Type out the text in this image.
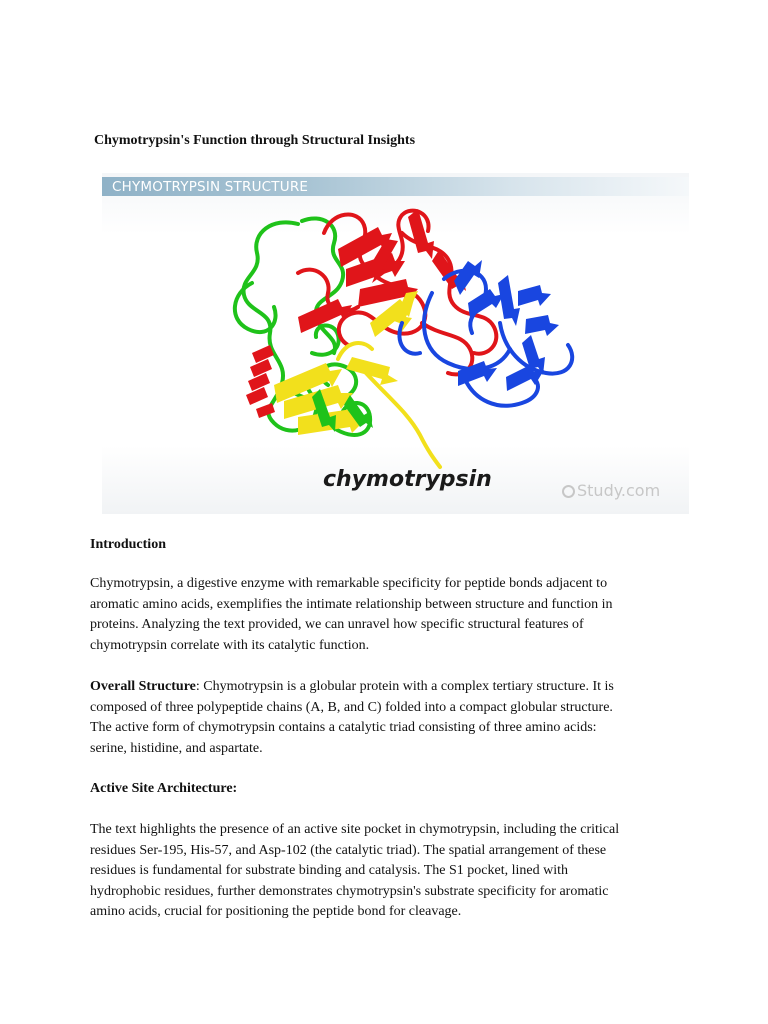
Chymotrypsin's Function through Structural Insights
CHYMOTRYPSIN STRUCTURE
chymotrypsin	Study.com
Introduction

Chymotrypsin, a digestive enzyme with remarkable specificity for peptide bonds adjacent to
aromatic amino acids, exemplifies the intimate relationship between structure and function in
proteins. Analyzing the text provided, we can unravel how specific structural features of
chymotrypsin correlate with its catalytic function.

Overall Structure: Chymotrypsin is a globular protein with a complex tertiary structure. It is
composed of three polypeptide chains (A, B, and C) folded into a compact globular structure.
The active form of chymotrypsin contains a catalytic triad consisting of three amino acids:
serine, histidine, and aspartate.

Active Site Architecture:

The text highlights the presence of an active site pocket in chymotrypsin, including the critical
residues Ser-195, His-57, and Asp-102 (the catalytic triad). The spatial arrangement of these
residues is fundamental for substrate binding and catalysis. The S1 pocket, lined with
hydrophobic residues, further demonstrates chymotrypsin's substrate specificity for aromatic
amino acids, crucial for positioning the peptide bond for cleavage.
